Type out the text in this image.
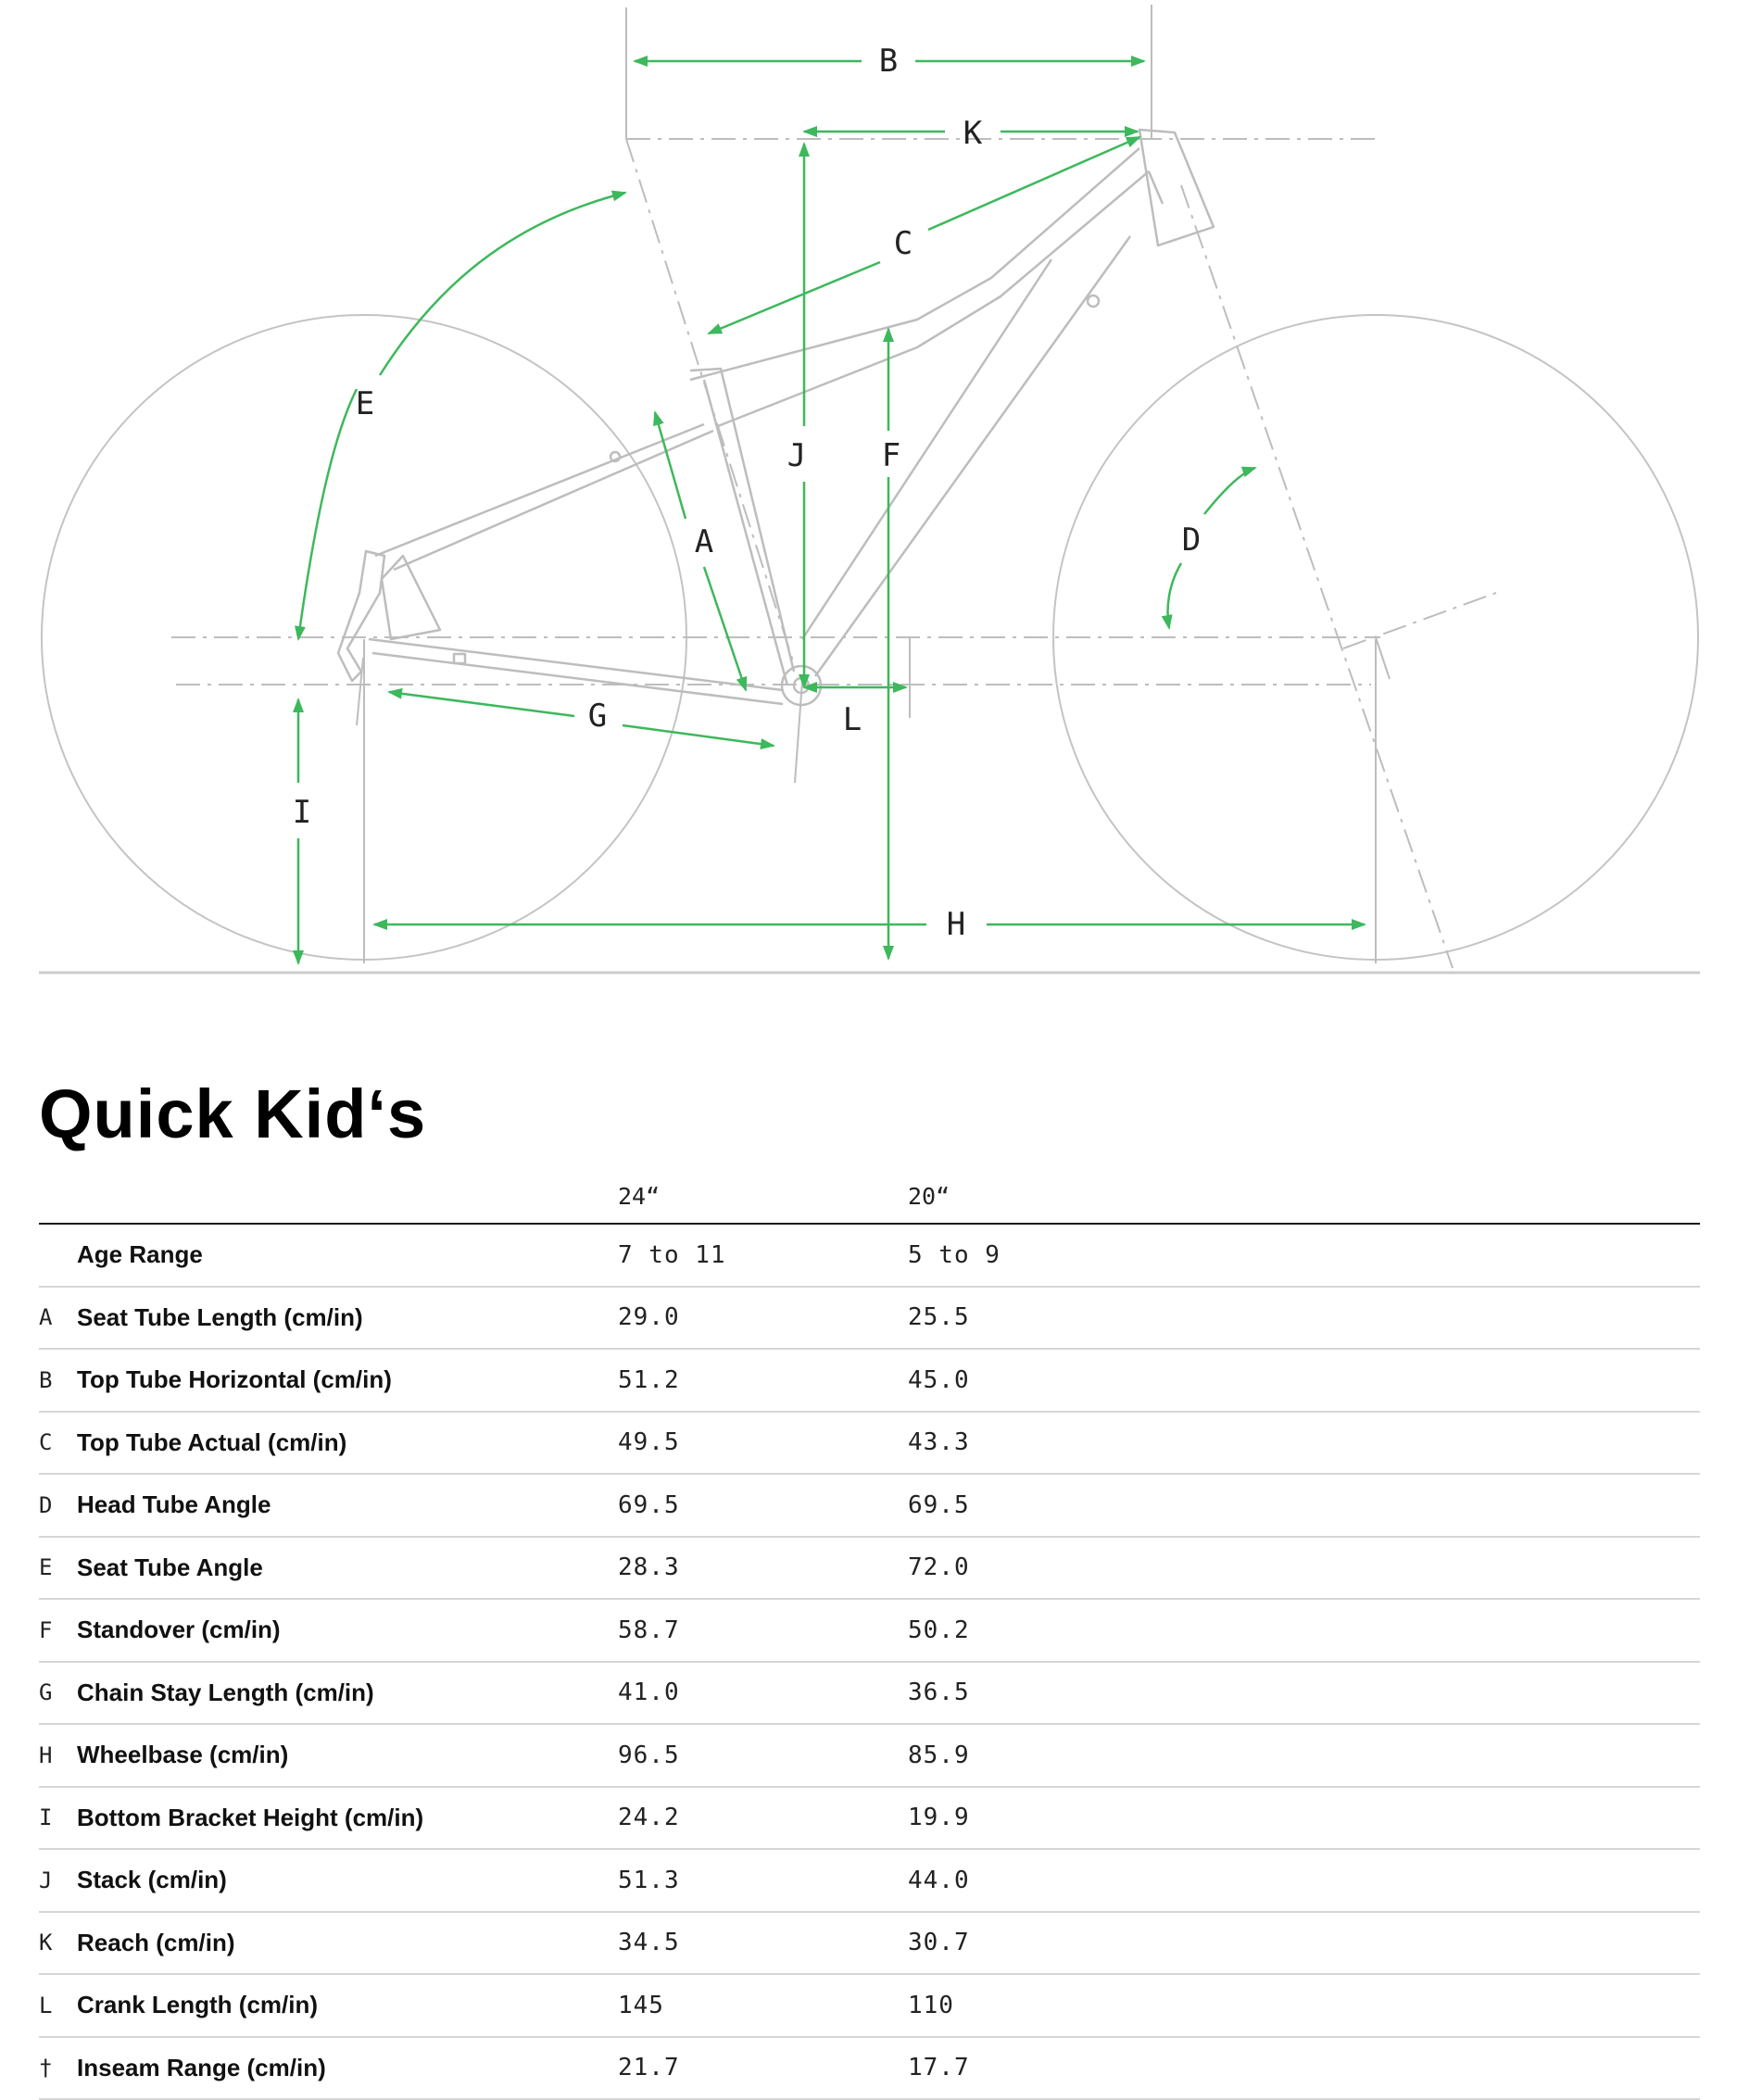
B
K
C
E
J F
A	D
G	L
I
H
Quick Kid‘s
		24“	20“
	Age Range	7 to 11	5 to 9
A	Seat Tube Length (cm/in)	29.0	25.5
B	Top Tube Horizontal (cm/in)	51.2	45.0
C	Top Tube Actual (cm/in)	49.5	43.3
D	Head Tube Angle	69.5	69.5
E	Seat Tube Angle	28.3	72.0
F	Standover (cm/in)	58.7	50.2
G	Chain Stay Length (cm/in)	41.0	36.5
H	Wheelbase (cm/in)	96.5	85.9
I	Bottom Bracket Height (cm/in)	24.2	19.9
J	Stack (cm/in)	51.3	44.0
K	Reach (cm/in)	34.5	30.7
L	Crank Length (cm/in)	145	110
†	Inseam Range (cm/in)	21.7	17.7
